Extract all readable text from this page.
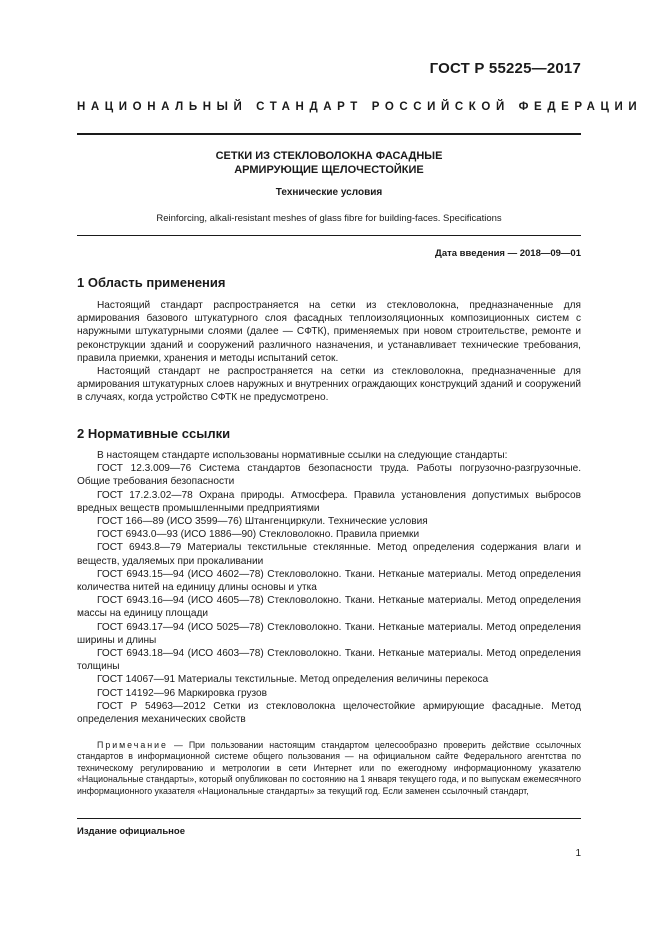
ГОСТ Р 55225—2017
НАЦИОНАЛЬНЫЙ СТАНДАРТ РОССИЙСКОЙ ФЕДЕРАЦИИ
СЕТКИ ИЗ СТЕКЛОВОЛОКНА ФАСАДНЫЕ
АРМИРУЮЩИЕ ЩЕЛОЧЕСТОЙКИЕ
Технические условия
Reinforcing, alkali-resistant meshes of glass fibre for building-faces. Specifications
Дата введения — 2018—09—01
1 Область применения

Настоящий стандарт распространяется на сетки из стекловолокна, предназначенные для армирования базового штукатурного слоя фасадных теплоизоляционных композиционных систем с наружными штукатурными слоями (далее — СФТК), применяемых при новом строительстве, ремонте и реконструкции зданий и сооружений различного назначения, и устанавливает технические требования, правила приемки, хранения и методы испытаний сеток.

Настоящий стандарт не распространяется на сетки из стекловолокна, предназначенные для армирования штукатурных слоев наружных и внутренних ограждающих конструкций зданий и сооружений в случаях, когда устройство СФТК не предусмотрено.

2 Нормативные ссылки

В настоящем стандарте использованы нормативные ссылки на следующие стандарты:

ГОСТ 12.3.009—76 Система стандартов безопасности труда. Работы погрузочно-разгрузочные. Общие требования безопасности

ГОСТ 17.2.3.02—78 Охрана природы. Атмосфера. Правила установления допустимых выбросов вредных веществ промышленными предприятиями

ГОСТ 166—89 (ИСО 3599—76) Штангенциркули. Технические условия

ГОСТ 6943.0—93 (ИСО 1886—90) Стекловолокно. Правила приемки

ГОСТ 6943.8—79 Материалы текстильные стеклянные. Метод определения содержания влаги и веществ, удаляемых при прокаливании

ГОСТ 6943.15—94 (ИСО 4602—78) Стекловолокно. Ткани. Нетканые материалы. Метод определения количества нитей на единицу длины основы и утка

ГОСТ 6943.16—94 (ИСО 4605—78) Стекловолокно. Ткани. Нетканые материалы. Метод определения массы на единицу площади

ГОСТ 6943.17—94 (ИСО 5025—78) Стекловолокно. Ткани. Нетканые материалы. Метод определения ширины и длины

ГОСТ 6943.18—94 (ИСО 4603—78) Стекловолокно. Ткани. Нетканые материалы. Метод определения толщины

ГОСТ 14067—91 Материалы текстильные. Метод определения величины перекоса

ГОСТ 14192—96 Маркировка грузов

ГОСТ Р 54963—2012 Сетки из стекловолокна щелочестойкие армирующие фасадные. Метод определения механических свойств

Примечание — При пользовании настоящим стандартом целесообразно проверить действие ссылочных стандартов в информационной системе общего пользования — на официальном сайте Федерального агентства по техническому регулированию и метрологии в сети Интернет или по ежегодному информационному указателю «Национальные стандарты», который опубликован по состоянию на 1 января текущего года, и по выпускам ежемесячного информационного указателя «Национальные стандарты» за текущий год. Если заменен ссылочный стандарт,

Издание официальное
1
